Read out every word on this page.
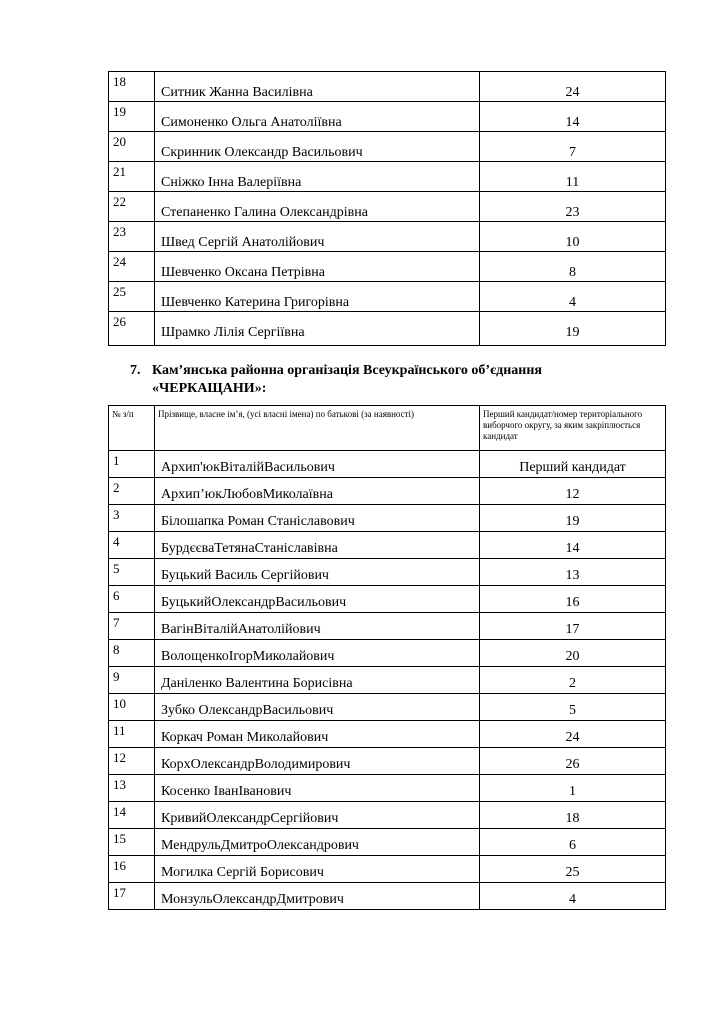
18	Ситник Жанна Василівна	24
19	Симоненко Ольга Анатоліївна	14
20	Скринник Олександр Васильович	7
21	Сніжко Інна Валеріївна	11
22	Степаненко Галина Олександрівна	23
23	Швед Сергій Анатолійович	10
24	Шевченко Оксана Петрівна	8
25	Шевченко Катерина Григорівна	4
26	Шрамко Лілія Сергіївна	19
7. Кам’янська районна організація Всеукраїнського об’єднання
«ЧЕРКАЩАНИ»:
№ з/п	Прізвище, власне ім’я, (усі власні імена) по батькові (за наявності)	Перший кандидат/номер територіального виборчого округу, за яким закріплюється кандидат
1	Архип'юкВіталійВасильович	Перший кандидат
2	Архип’юкЛюбовМиколаївна	12
3	Білошапка Роман Станіславович	19
4	БурдєєваТетянаСтаніславівна	14
5	Буцький Василь Сергійович	13
6	БуцькийОлександрВасильович	16
7	ВагінВіталійАнатолійович	17
8	ВолощенкоІгорМиколайович	20
9	Даніленко Валентина Борисівна	2
10	Зубко ОлександрВасильович	5
11	Коркач Роман Миколайович	24
12	КорхОлександрВолодимирович	26
13	Косенко ІванІванович	1
14	КривийОлександрСергійович	18
15	МендрульДмитроОлександрович	6
16	Могилка Сергій Борисович	25
17	МонзульОлександрДмитрович	4
